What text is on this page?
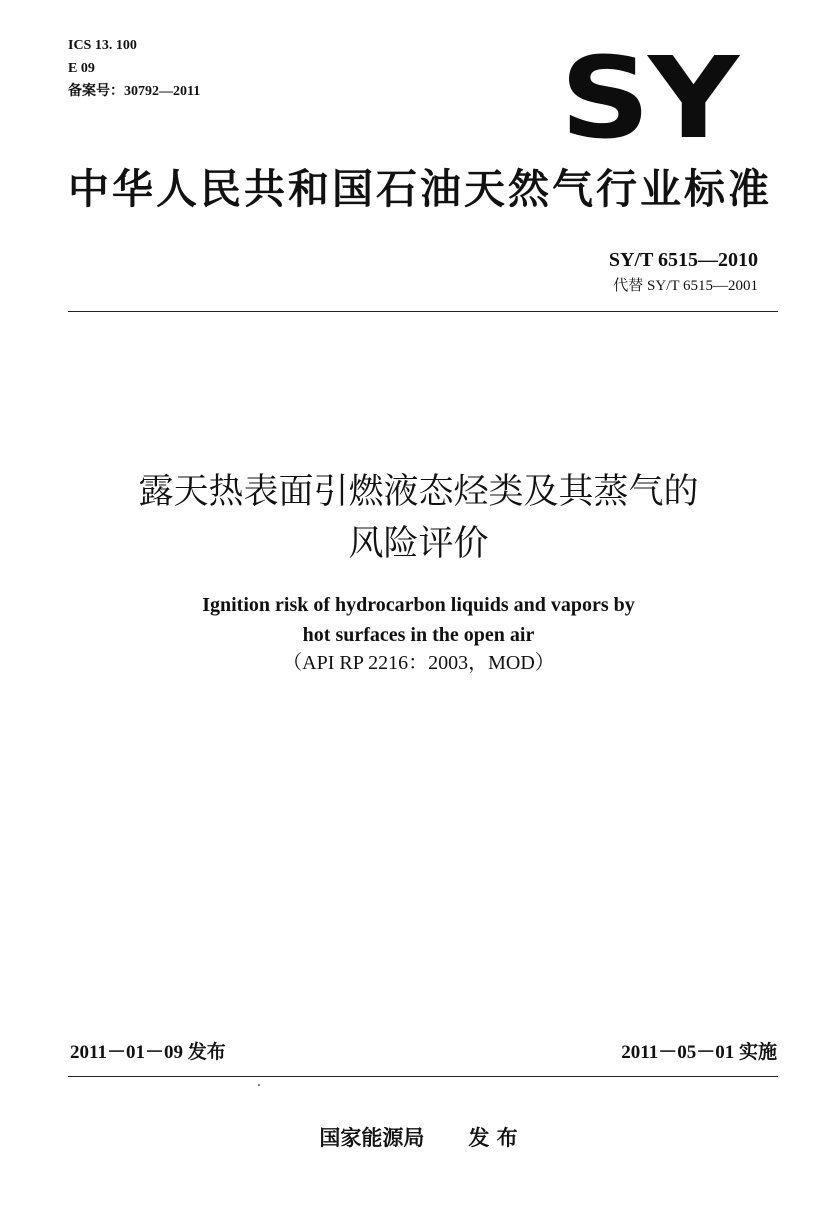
ICS 13. 100
E 09
备案号：30792—2011	SY
中华人民共和国石油天然气行业标准
SY/T 6515—2010
代替 SY/T 6515—2001
露天热表面引燃液态烃类及其蒸气的
风险评价
Ignition risk of hydrocarbon liquids and vapors by
hot surfaces in the open air
（API RP 2216：2003，MOD）
2011－01－09 发布	2011－05－01 实施
国家能源局 发 布
